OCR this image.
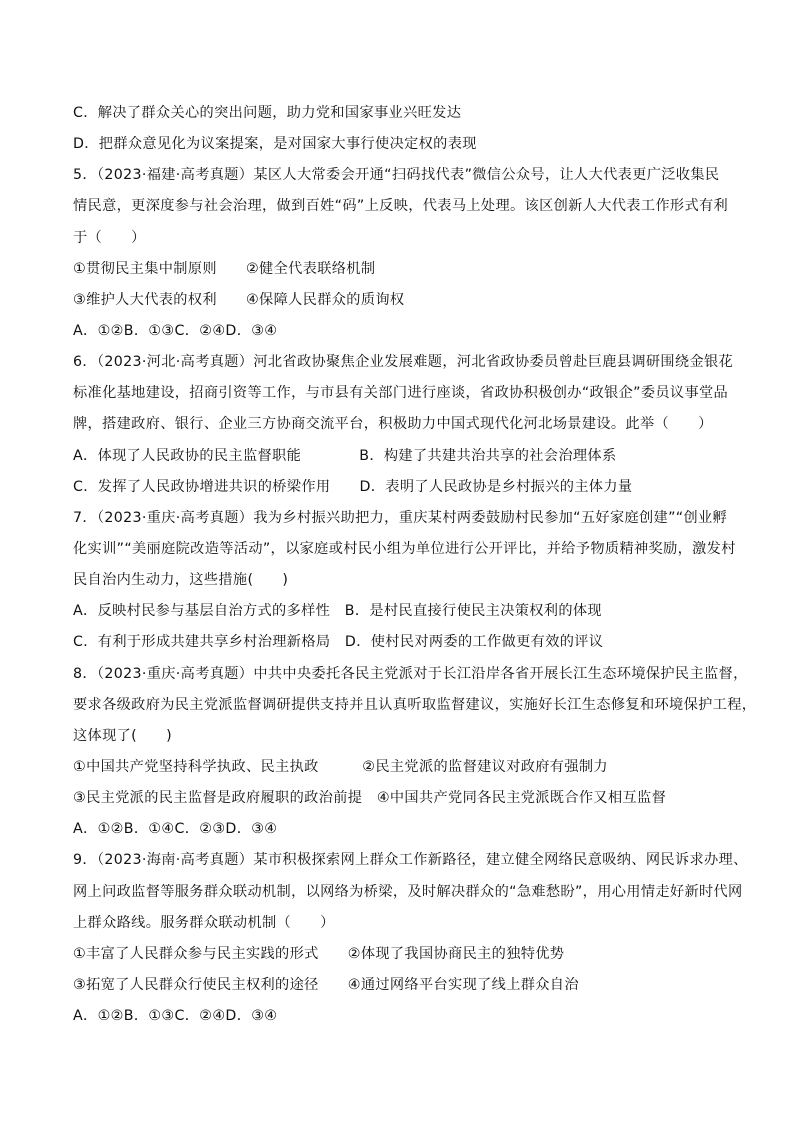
C．解决了群众关心的突出问题，助力党和国家事业兴旺发达
D．把群众意见化为议案提案，是对国家大事行使决定权的表现
5．（2023·福建·高考真题）某区人大常委会开通“扫码找代表”微信公众号，让人大代表更广泛收集民
情民意，更深度参与社会治理，做到百姓“码”上反映，代表马上处理。该区创新人大代表工作形式有利
于（　　）
①贯彻民主集中制原则　　②健全代表联络机制
③维护人大代表的权利　　④保障人民群众的质询权
A．①②B．①③C．②④D．③④
6．（2023·河北·高考真题）河北省政协聚焦企业发展难题，河北省政协委员曾赴巨鹿县调研围绕金银花
标准化基地建设，招商引资等工作，与市县有关部门进行座谈，省政协积极创办“政银企”委员议事堂品
牌，搭建政府、银行、企业三方协商交流平台，积极助力中国式现代化河北场景建设。此举（　　）
A．体现了人民政协的民主监督职能　　　　B．构建了共建共治共享的社会治理体系
C．发挥了人民政协增进共识的桥梁作用　　D．表明了人民政协是乡村振兴的主体力量
7．（2023·重庆·高考真题）我为乡村振兴助把力，重庆某村两委鼓励村民参加“五好家庭创建”“创业孵
化实训”“美丽庭院改造等活动”，以家庭或村民小组为单位进行公开评比，并给予物质精神奖励，激发村
民自治内生动力，这些措施(　　)
A．反映村民参与基层自治方式的多样性　B．是村民直接行使民主决策权利的体现
C．有利于形成共建共享乡村治理新格局　D．使村民对两委的工作做更有效的评议
8．（2023·重庆·高考真题）中共中央委托各民主党派对于长江沿岸各省开展长江生态环境保护民主监督，
要求各级政府为民主党派监督调研提供支持并且认真听取监督建议，实施好长江生态修复和环境保护工程，
这体现了(　　)
①中国共产党坚持科学执政、民主执政　　　②民主党派的监督建议对政府有强制力
③民主党派的民主监督是政府履职的政治前提　④中国共产党同各民主党派既合作又相互监督
A．①②B．①④C．②③D．③④
9．（2023·海南·高考真题）某市积极探索网上群众工作新路径，建立健全网络民意吸纳、网民诉求办理、
网上问政监督等服务群众联动机制，以网络为桥梁，及时解决群众的“急难愁盼”，用心用情走好新时代网
上群众路线。服务群众联动机制（　　）
①丰富了人民群众参与民主实践的形式　　②体现了我国协商民主的独特优势
③拓宽了人民群众行使民主权利的途径　　④通过网络平台实现了线上群众自治
A．①②B．①③C．②④D．③④
